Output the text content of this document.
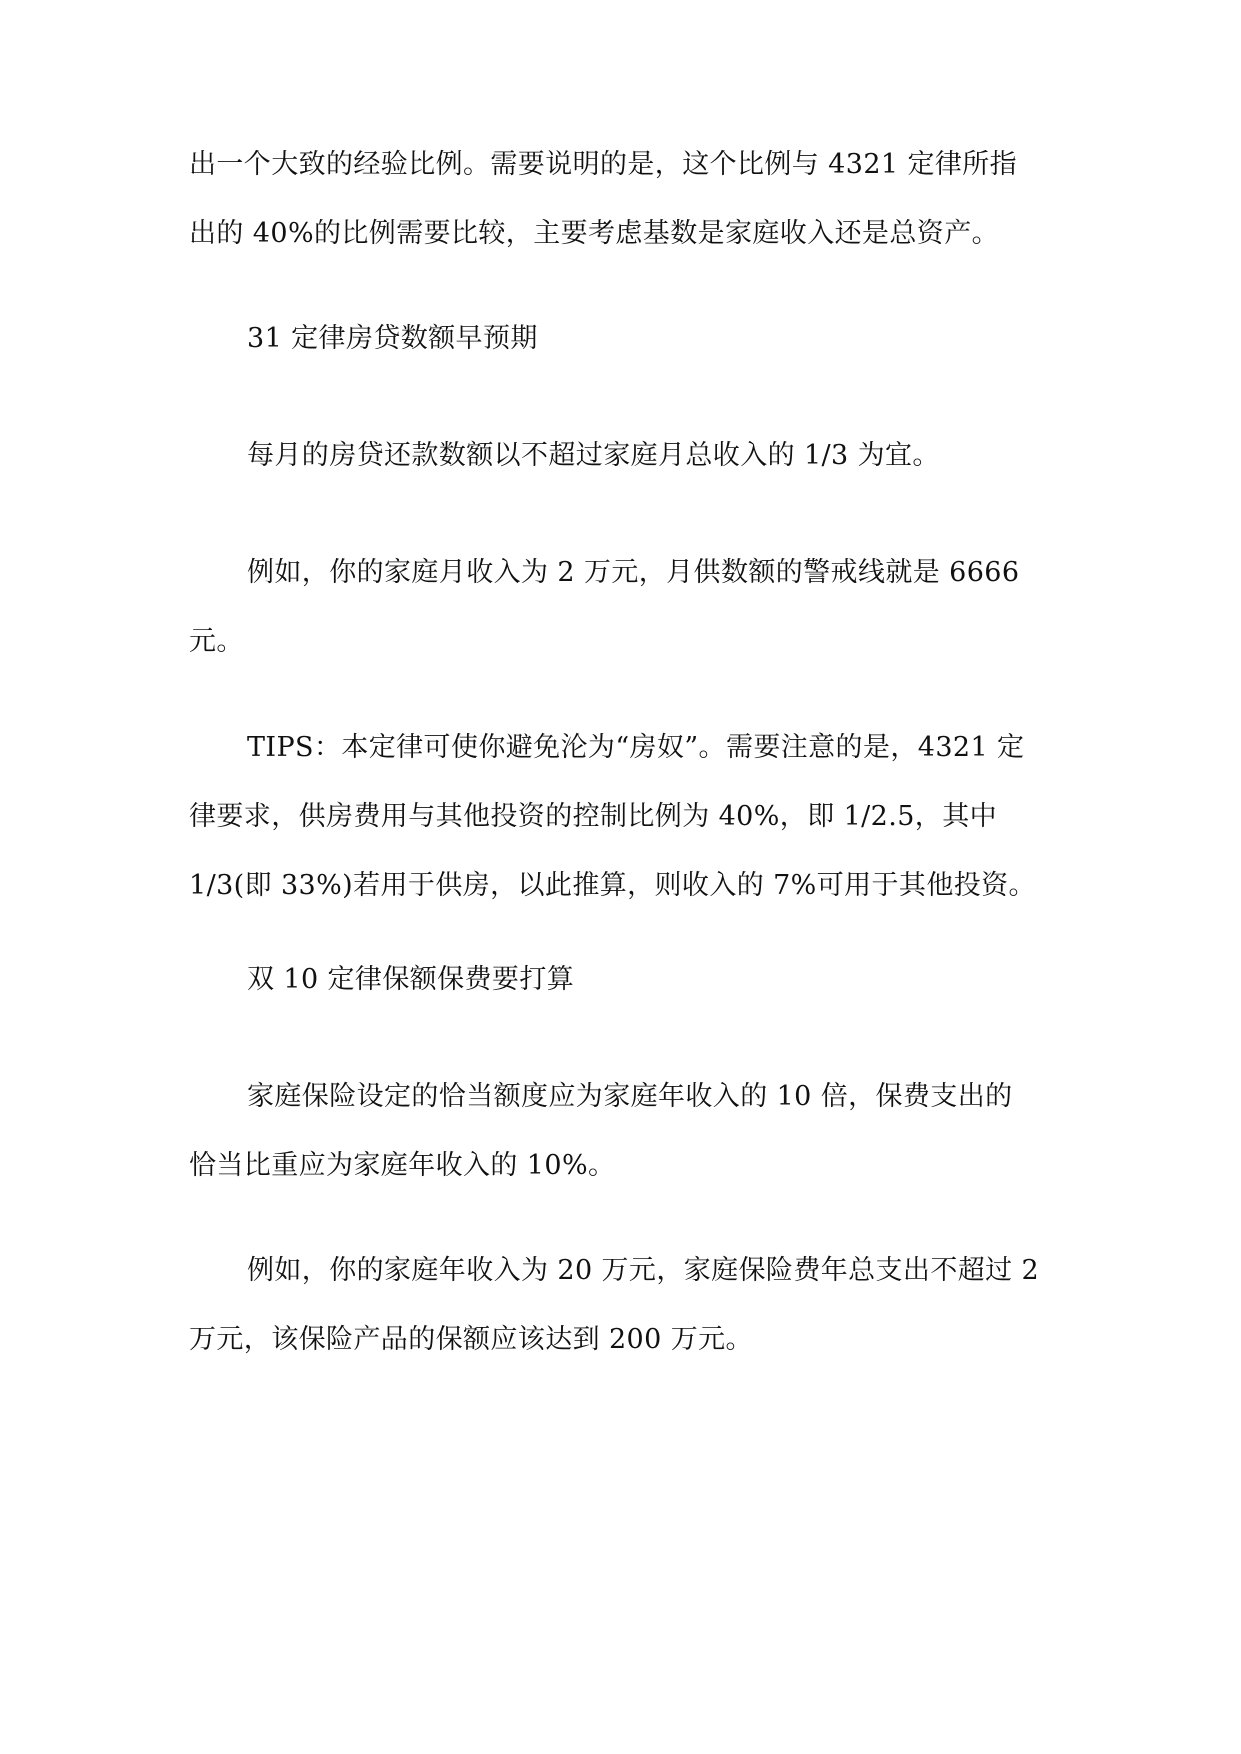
出一个大致的经验比例。需要说明的是，这个比例与 4321 定律所指
出的 40%的比例需要比较，主要考虑基数是家庭收入还是总资产。

31 定律房贷数额早预期

每月的房贷还款数额以不超过家庭月总收入的 1/3 为宜。

例如，你的家庭月收入为 2 万元，月供数额的警戒线就是 6666
元。

TIPS：本定律可使你避免沦为“房奴”。需要注意的是，4321 定
律要求，供房费用与其他投资的控制比例为 40%，即 1/2.5，其中
1/3(即 33%)若用于供房，以此推算，则收入的 7%可用于其他投资。

双 10 定律保额保费要打算

家庭保险设定的恰当额度应为家庭年收入的 10 倍，保费支出的
恰当比重应为家庭年收入的 10%。

例如，你的家庭年收入为 20 万元，家庭保险费年总支出不超过 2
万元，该保险产品的保额应该达到 200 万元。
